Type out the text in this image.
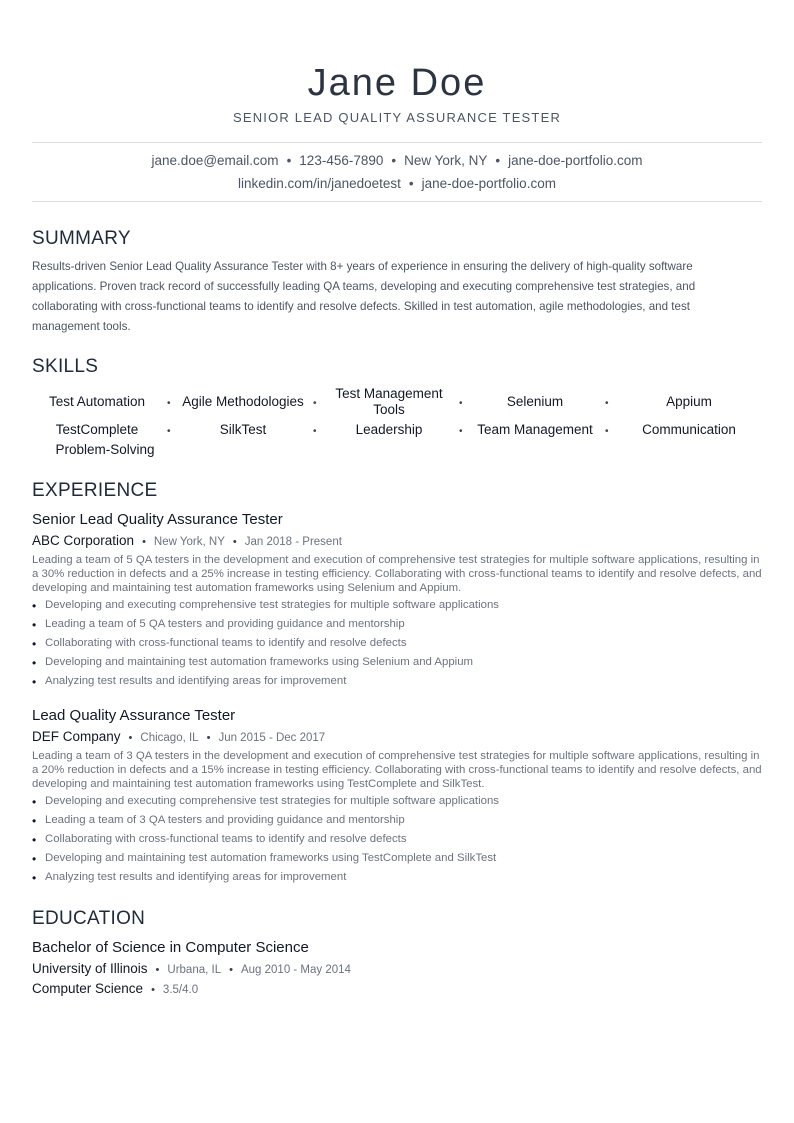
Jane Doe
SENIOR LEAD QUALITY ASSURANCE TESTER
jane.doe@email.com • 123-456-7890 • New York, NY • jane-doe-portfolio.com
linkedin.com/in/janedoetest • jane-doe-portfolio.com
SUMMARY
Results-driven Senior Lead Quality Assurance Tester with 8+ years of experience in ensuring the delivery of high-quality software applications. Proven track record of successfully leading QA teams, developing and executing comprehensive test strategies, and collaborating with cross-functional teams to identify and resolve defects. Skilled in test automation, agile methodologies, and test management tools.
SKILLS
Test Automation	• Agile Methodologies •
Test Management Tools	•	Selenium	•	Appium
TestComplete	•	SilkTest	•	Leadership	•	Team Management	•	Communication
Problem-Solving
EXPERIENCE
Senior Lead Quality Assurance Tester
ABC Corporation • New York, NY • Jan 2018 - Present
Leading a team of 5 QA testers in the development and execution of comprehensive test strategies for multiple software applications, resulting in a 30% reduction in defects and a 25% increase in testing efficiency. Collaborating with cross-functional teams to identify and resolve defects, and developing and maintaining test automation frameworks using Selenium and Appium.
• Developing and executing comprehensive test strategies for multiple software applications
• Leading a team of 5 QA testers and providing guidance and mentorship
• Collaborating with cross-functional teams to identify and resolve defects
• Developing and maintaining test automation frameworks using Selenium and Appium
• Analyzing test results and identifying areas for improvement
Lead Quality Assurance Tester
DEF Company • Chicago, IL • Jun 2015 - Dec 2017
Leading a team of 3 QA testers in the development and execution of comprehensive test strategies for multiple software applications, resulting in a 20% reduction in defects and a 15% increase in testing efficiency. Collaborating with cross-functional teams to identify and resolve defects, and developing and maintaining test automation frameworks using TestComplete and SilkTest.
• Developing and executing comprehensive test strategies for multiple software applications
• Leading a team of 3 QA testers and providing guidance and mentorship
• Collaborating with cross-functional teams to identify and resolve defects
• Developing and maintaining test automation frameworks using TestComplete and SilkTest
• Analyzing test results and identifying areas for improvement
EDUCATION
Bachelor of Science in Computer Science
University of Illinois • Urbana, IL • Aug 2010 - May 2014
Computer Science • 3.5/4.0
